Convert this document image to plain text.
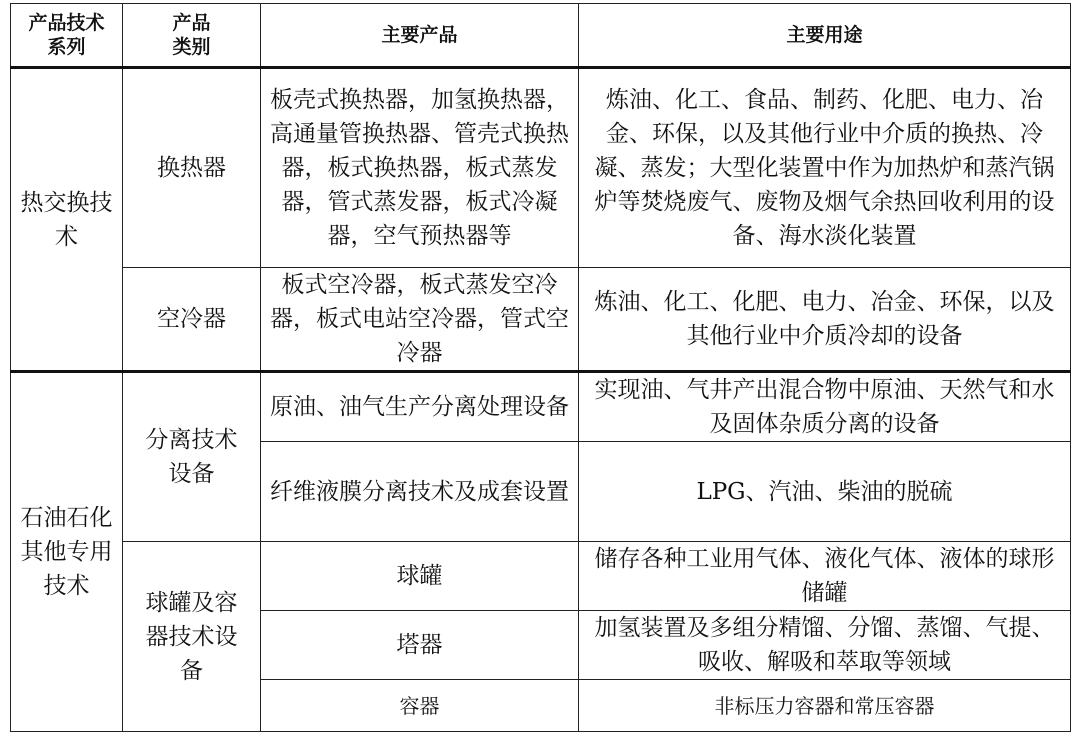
产品技术系列	产品类别	主要产品	主要用途

热交换技术	换热器	板壳式换热器，加氢换热器，高通量管换热器、管壳式换热器，板式换热器，板式蒸发器，管式蒸发器，板式冷凝器，空气预热器等	炼油、化工、食品、制药、化肥、电力、冶金、环保，以及其他行业中介质的换热、冷凝、蒸发；大型化装置中作为加热炉和蒸汽锅炉等焚烧废气、废物及烟气余热回收利用的设备、海水淡化装置
	空冷器	板式空冷器，板式蒸发空冷器，板式电站空冷器，管式空冷器	炼油、化工、化肥、电力、冶金、环保，以及其他行业中介质冷却的设备

石油石化其他专用技术	分离技术设备	原油、油气生产分离处理设备	实现油、气井产出混合物中原油、天然气和水及固体杂质分离的设备
		纤维液膜分离技术及成套设置	LPG、汽油、柴油的脱硫

	球罐及容器技术设备	球罐	储存各种工业用气体、液化气体、液体的球形储罐
		塔器	加氢装置及多组分精馏、分馏、蒸馏、气提、吸收、解吸和萃取等领域
		容器	非标压力容器和常压容器
